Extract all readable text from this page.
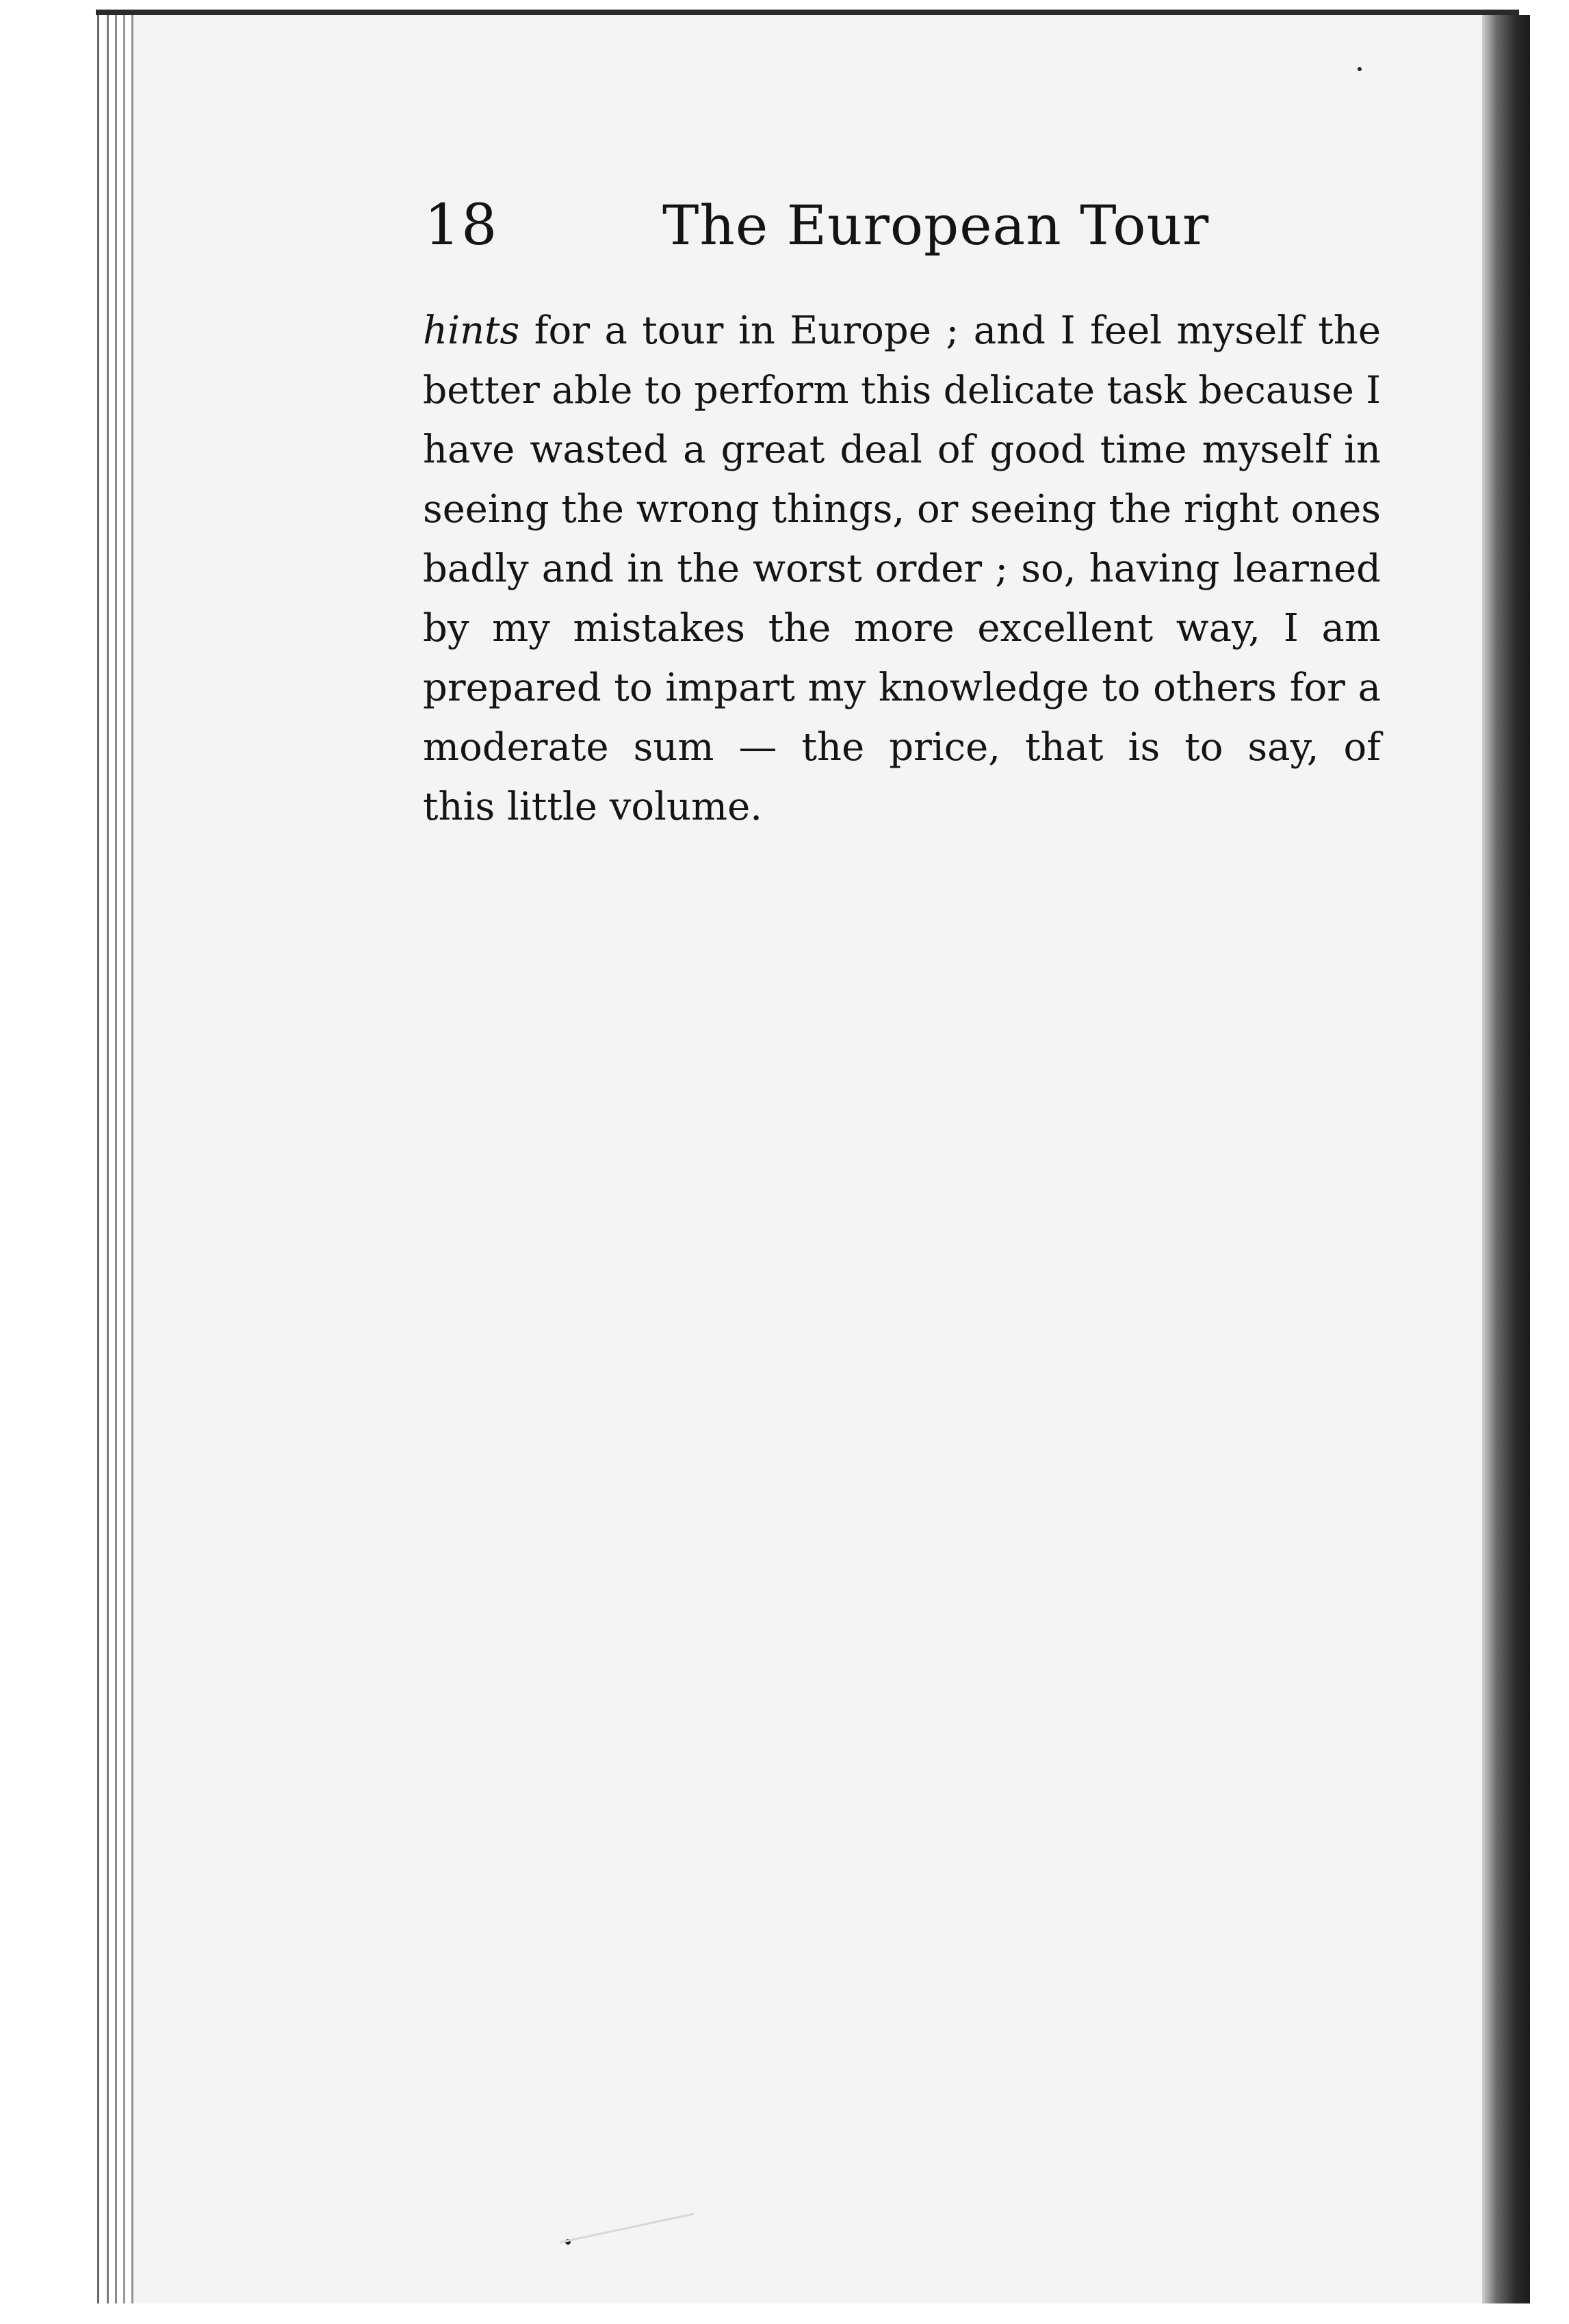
18	The European Tour
hints for a tour in Europe ; and I feel myself the
better able to perform this delicate task because I
have wasted a great deal of good time myself in
seeing the wrong things, or seeing the right ones
badly and in the worst order ; so, having learned
by my mistakes the more excellent way, I am
prepared to impart my knowledge to others for a
moderate sum — the price, that is to say, of
this little volume.
